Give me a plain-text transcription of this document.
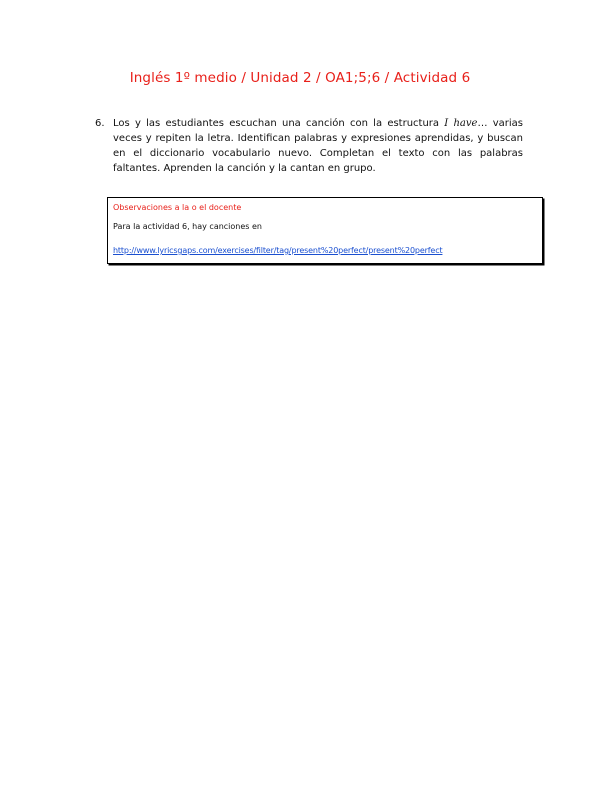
Inglés 1º medio / Unidad 2 / OA1;5;6 / Actividad 6
6. Los y las estudiantes escuchan una canción con la estructura I have… varias veces y repiten la letra. Identifican palabras y expresiones aprendidas, y buscan en el diccionario vocabulario nuevo. Completan el texto con las palabras faltantes. Aprenden la canción y la cantan en grupo.
Observaciones a la o el docente
Para la actividad 6, hay canciones en
http://www.lyricsgaps.com/exercises/filter/tag/present%20perfect/present%20perfect
